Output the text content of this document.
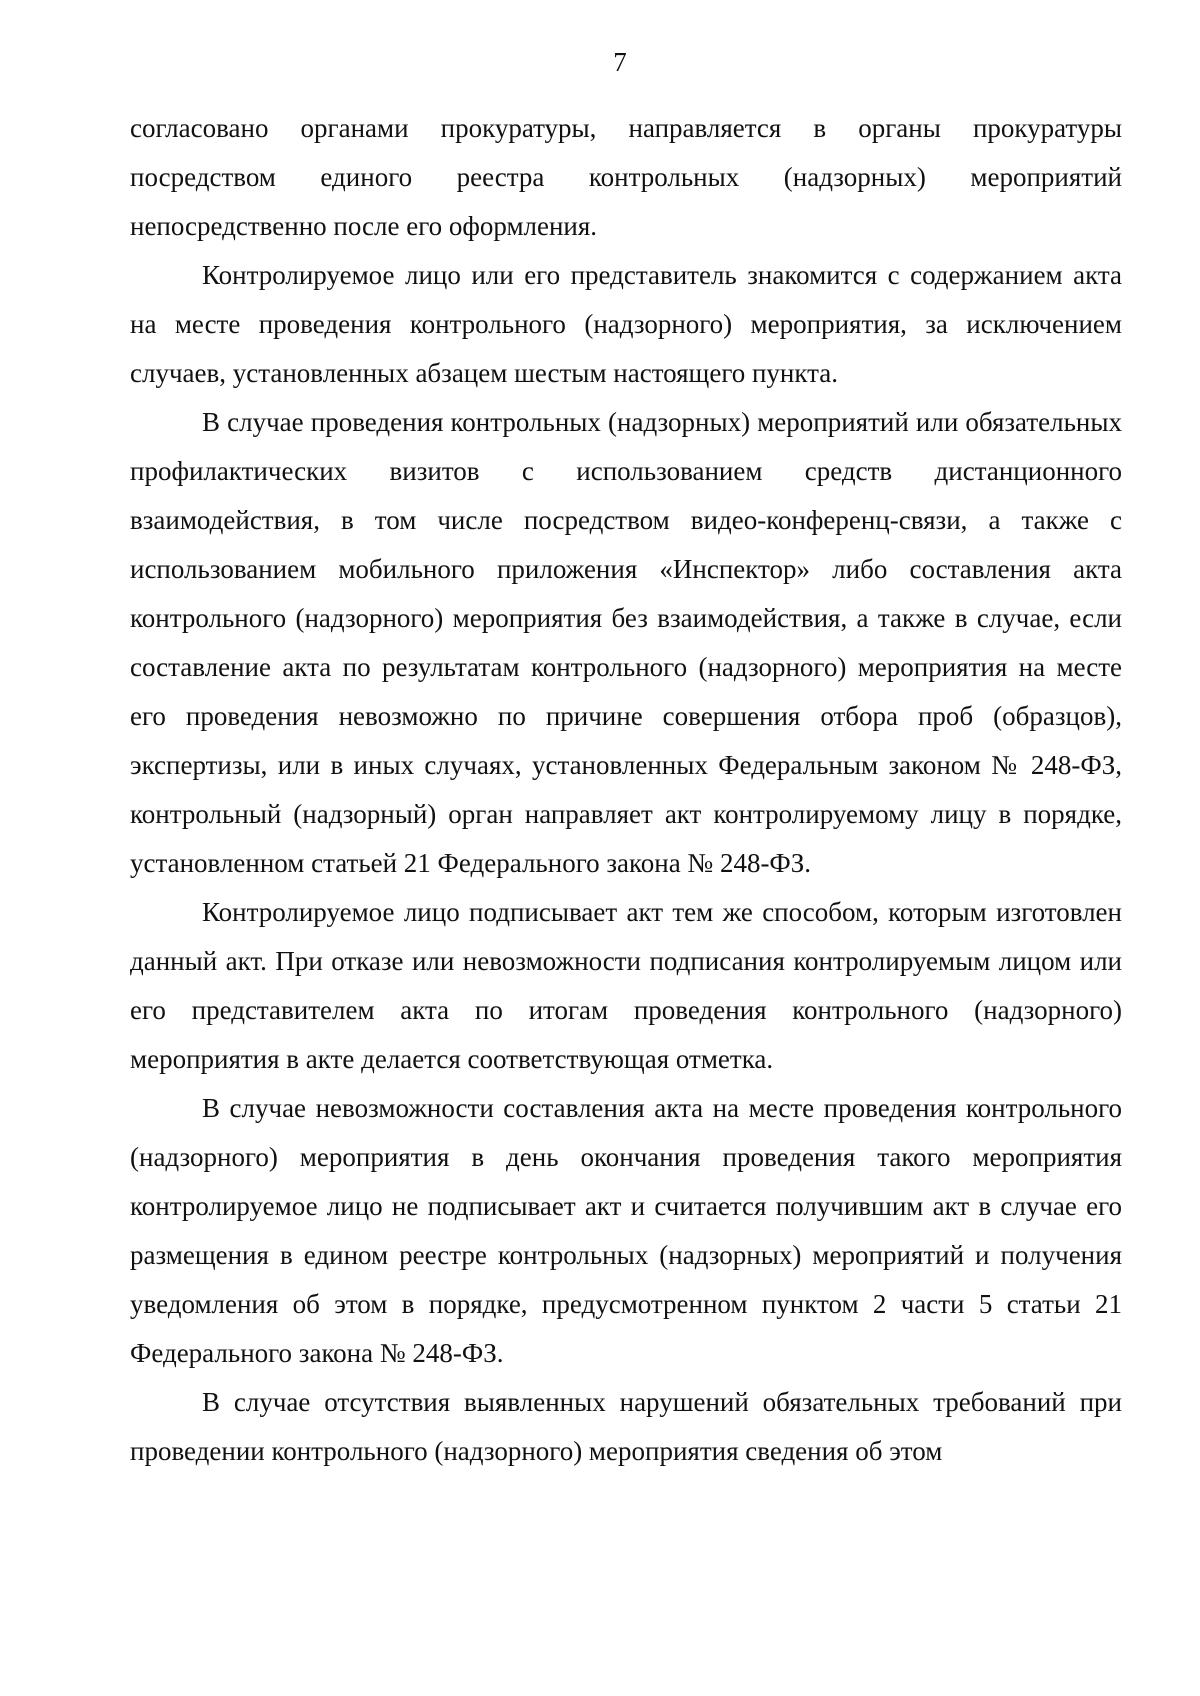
7

согласовано органами прокуратуры, направляется в органы прокуратуры посредством единого реестра контрольных (надзорных) мероприятий непосредственно после его оформления.

Контролируемое лицо или его представитель знакомится с содержанием акта на месте проведения контрольного (надзорного) мероприятия, за исключением случаев, установленных абзацем шестым настоящего пункта.

В случае проведения контрольных (надзорных) мероприятий или обязательных профилактических визитов с использованием средств дистанционного взаимодействия, в том числе посредством видео-конференц-связи, а также с использованием мобильного приложения «Инспектор» либо составления акта контрольного (надзорного) мероприятия без взаимодействия, а также в случае, если составление акта по результатам контрольного (надзорного) мероприятия на месте его проведения невозможно по причине совершения отбора проб (образцов), экспертизы, или в иных случаях, установленных Федеральным законом № 248-ФЗ, контрольный (надзорный) орган направляет акт контролируемому лицу в порядке, установленном статьей 21 Федерального закона № 248-ФЗ.

Контролируемое лицо подписывает акт тем же способом, которым изготовлен данный акт. При отказе или невозможности подписания контролируемым лицом или его представителем акта по итогам проведения контрольного (надзорного) мероприятия в акте делается соответствующая отметка.

В случае невозможности составления акта на месте проведения контрольного (надзорного) мероприятия в день окончания проведения такого мероприятия контролируемое лицо не подписывает акт и считается получившим акт в случае его размещения в едином реестре контрольных (надзорных) мероприятий и получения уведомления об этом в порядке, предусмотренном пунктом 2 части 5 статьи 21 Федерального закона № 248-ФЗ.

В случае отсутствия выявленных нарушений обязательных требований при проведении контрольного (надзорного) мероприятия сведения об этом
